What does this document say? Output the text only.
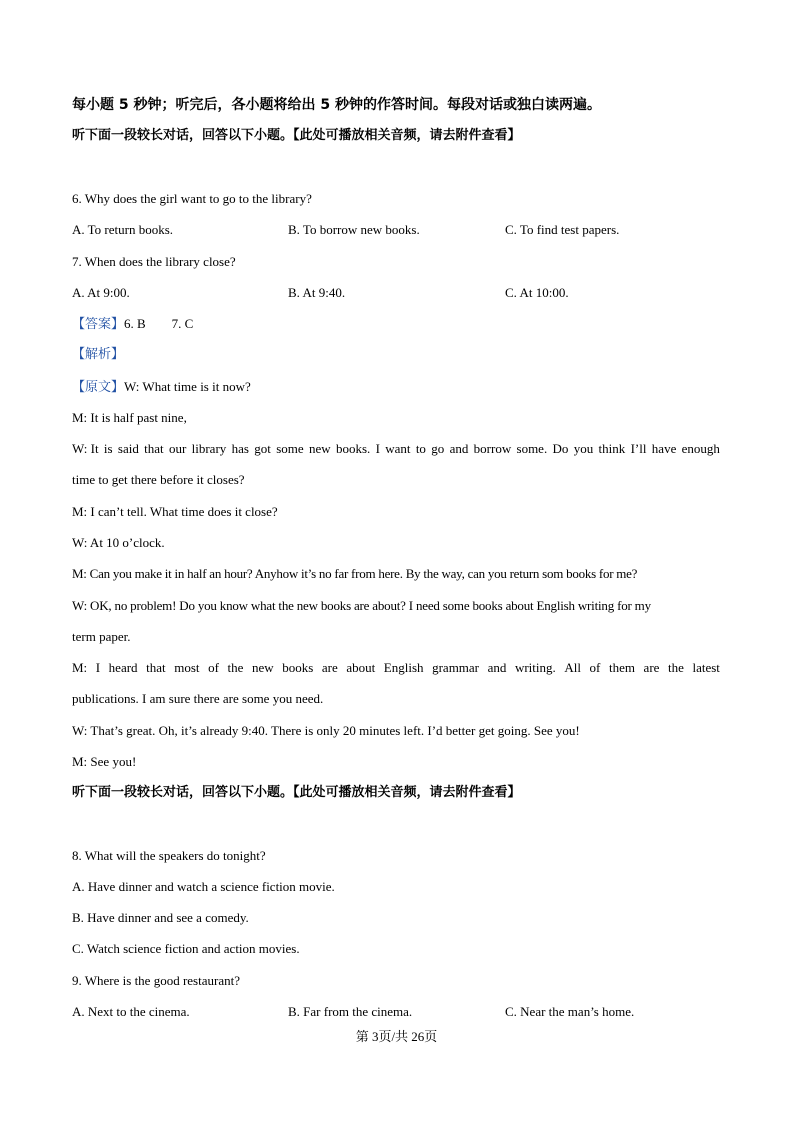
每小题 5 秒钟；听完后，各小题将给出 5 秒钟的作答时间。每段对话或独白读两遍。
听下面一段较长对话，回答以下小题。【此处可播放相关音频，请去附件查看】
6. Why does the girl want to go to the library?
A. To return books.	B. To borrow new books.	C. To find test papers.
7. When does the library close?
A. At 9:00.	B. At 9:40.	C. At 10:00.
【答案】6. B        7. C
【解析】
【原文】W: What time is it now?
M: It is half past nine,
W: It is said that our library has got some new books. I want to go and borrow some. Do you think I’ll have enough
time to get there before it closes?
M: I can’t tell. What time does it close?
W: At 10 o’clock.
M: Can you make it in half an hour? Anyhow it’s no far from here. By the way, can you return som books for me?
W: OK, no problem! Do you know what the new books are about? I need some books about English writing for my
term paper.
M: I heard that most of the new books are about English grammar and writing. All of them are the latest
publications. I am sure there are some you need.
W: That’s great. Oh, it’s already 9:40. There is only 20 minutes left. I’d better get going. See you!
M: See you!
听下面一段较长对话，回答以下小题。【此处可播放相关音频，请去附件查看】
8. What will the speakers do tonight?
A. Have dinner and watch a science fiction movie.
B. Have dinner and see a comedy.
C. Watch science fiction and action movies.
9. Where is the good restaurant?
A. Next to the cinema.	B. Far from the cinema.	C. Near the man’s home.
第 3页/共 26页
